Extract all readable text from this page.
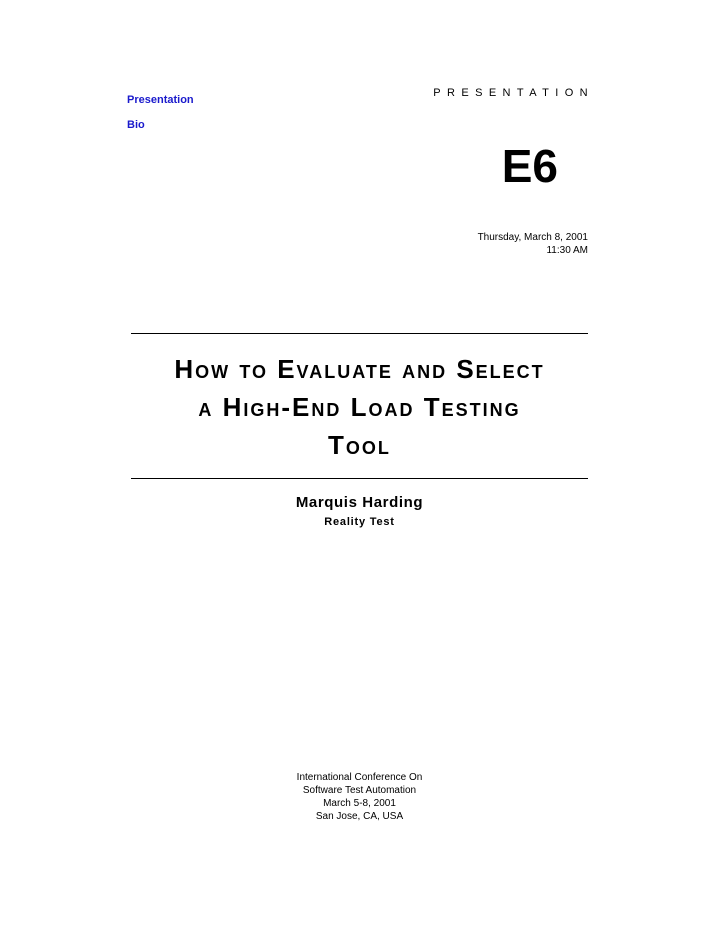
Presentation
Bio
PRESENTATION
E6
Thursday, March 8, 2001
11:30 AM
How to Evaluate and Select
a High-End Load Testing
Tool
Marquis Harding
Reality Test
International Conference On
Software Test Automation
March 5-8, 2001
San Jose, CA, USA
